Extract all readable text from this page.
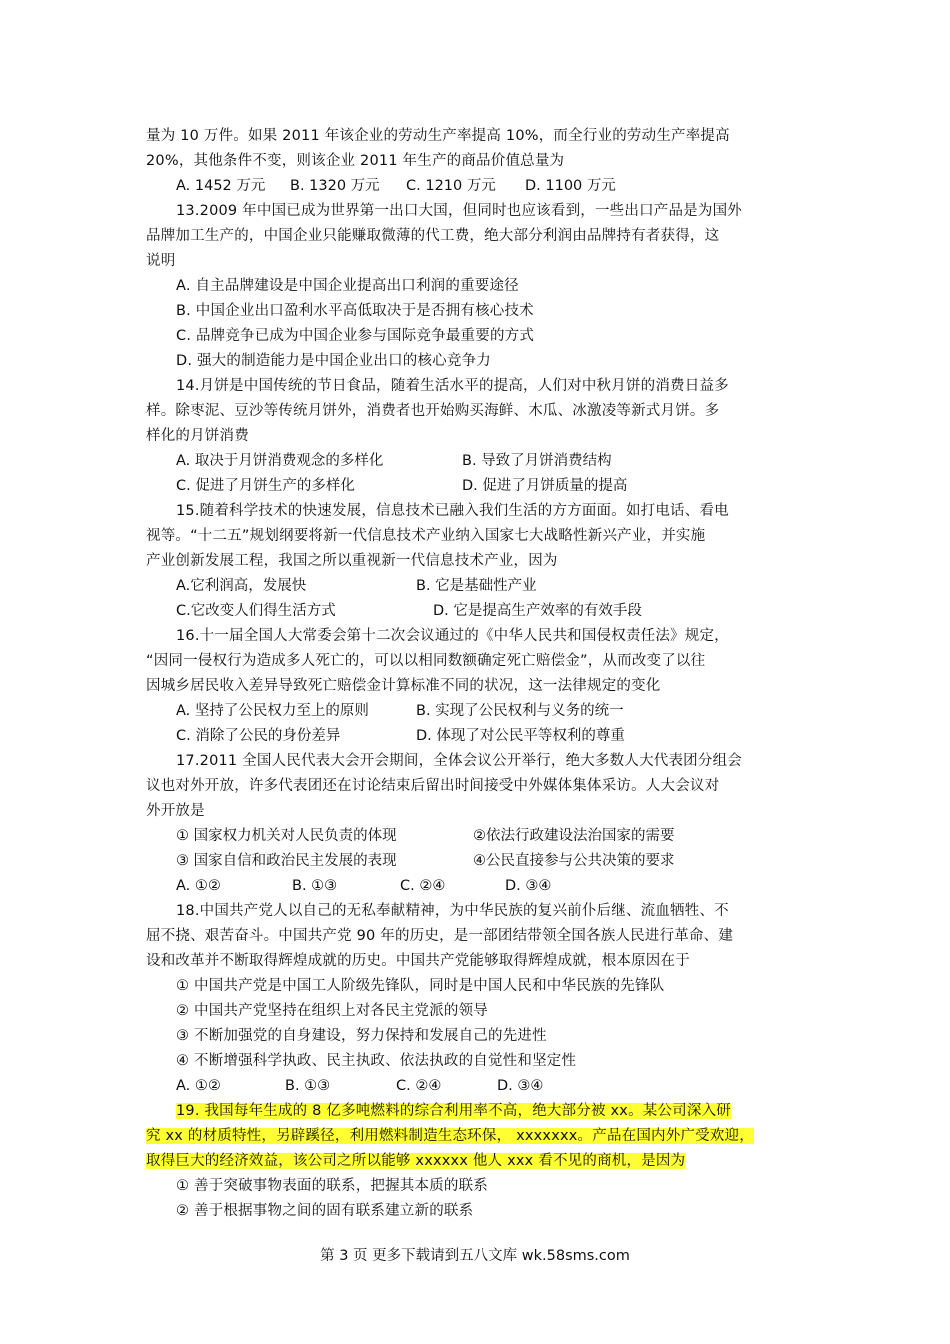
量为 10 万件。如果 2011 年该企业的劳动生产率提高 10%，而全行业的劳动生产率提高
20%，其他条件不变，则该企业 2011 年生产的商品价值总量为
A. 1452 万元 B. 1320 万元 C. 1210 万元 D. 1100 万元
13.2009 年中国已成为世界第一出口大国，但同时也应该看到，一些出口产品是为国外
品牌加工生产的，中国企业只能赚取微薄的代工费，绝大部分利润由品牌持有者获得，这
说明
A. 自主品牌建设是中国企业提高出口利润的重要途径
B. 中国企业出口盈利水平高低取决于是否拥有核心技术
C. 品牌竞争已成为中国企业参与国际竞争最重要的方式
D. 强大的制造能力是中国企业出口的核心竞争力
14.月饼是中国传统的节日食品，随着生活水平的提高，人们对中秋月饼的消费日益多
样。除枣泥、豆沙等传统月饼外，消费者也开始购买海鲜、木瓜、冰激凌等新式月饼。多
样化的月饼消费
A. 取决于月饼消费观念的多样化	B. 导致了月饼消费结构
C. 促进了月饼生产的多样化	D. 促进了月饼质量的提高
15.随着科学技术的快速发展，信息技术已融入我们生活的方方面面。如打电话、看电
视等。“十二五”规划纲要将新一代信息技术产业纳入国家七大战略性新兴产业，并实施
产业创新发展工程，我国之所以重视新一代信息技术产业，因为
A.它利润高，发展快	B. 它是基础性产业
C.它改变人们得生活方式	D. 它是提高生产效率的有效手段
16.十一届全国人大常委会第十二次会议通过的《中华人民共和国侵权责任法》规定，
“因同一侵权行为造成多人死亡的，可以以相同数额确定死亡赔偿金”，从而改变了以往
因城乡居民收入差异导致死亡赔偿金计算标准不同的状况，这一法律规定的变化
A. 坚持了公民权力至上的原则	B. 实现了公民权利与义务的统一
C. 消除了公民的身份差异	D. 体现了对公民平等权利的尊重
17.2011 全国人民代表大会开会期间，全体会议公开举行，绝大多数人大代表团分组会
议也对外开放，许多代表团还在讨论结束后留出时间接受中外媒体集体采访。人大会议对
外开放是
① 国家权力机关对人民负责的体现	②依法行政建设法治国家的需要
③ 国家自信和政治民主发展的表现	④公民直接参与公共决策的要求
A. ①②	B. ①③	C. ②④	D. ③④
18.中国共产党人以自己的无私奉献精神，为中华民族的复兴前仆后继、流血牺牲、不
屈不挠、艰苦奋斗。中国共产党 90 年的历史，是一部团结带领全国各族人民进行革命、建
设和改革并不断取得辉煌成就的历史。中国共产党能够取得辉煌成就，根本原因在于
① 中国共产党是中国工人阶级先锋队，同时是中国人民和中华民族的先锋队
② 中国共产党坚持在组织上对各民主党派的领导
③ 不断加强党的自身建设，努力保持和发展自己的先进性
④ 不断增强科学执政、民主执政、依法执政的自觉性和坚定性
A. ①②	B. ①③	C. ②④	D. ③④
19. 我国每年生成的 8 亿多吨燃料的综合利用率不高，绝大部分被 xx。某公司深入研
究 xx 的材质特性，另辟蹊径，利用燃料制造生态环保， xxxxxxx。产品在国内外广受欢迎，
取得巨大的经济效益，该公司之所以能够 xxxxxx 他人 xxx 看不见的商机，是因为
① 善于突破事物表面的联系，把握其本质的联系
② 善于根据事物之间的固有联系建立新的联系
第 3 页 更多下载请到五八文库 wk.58sms.com
